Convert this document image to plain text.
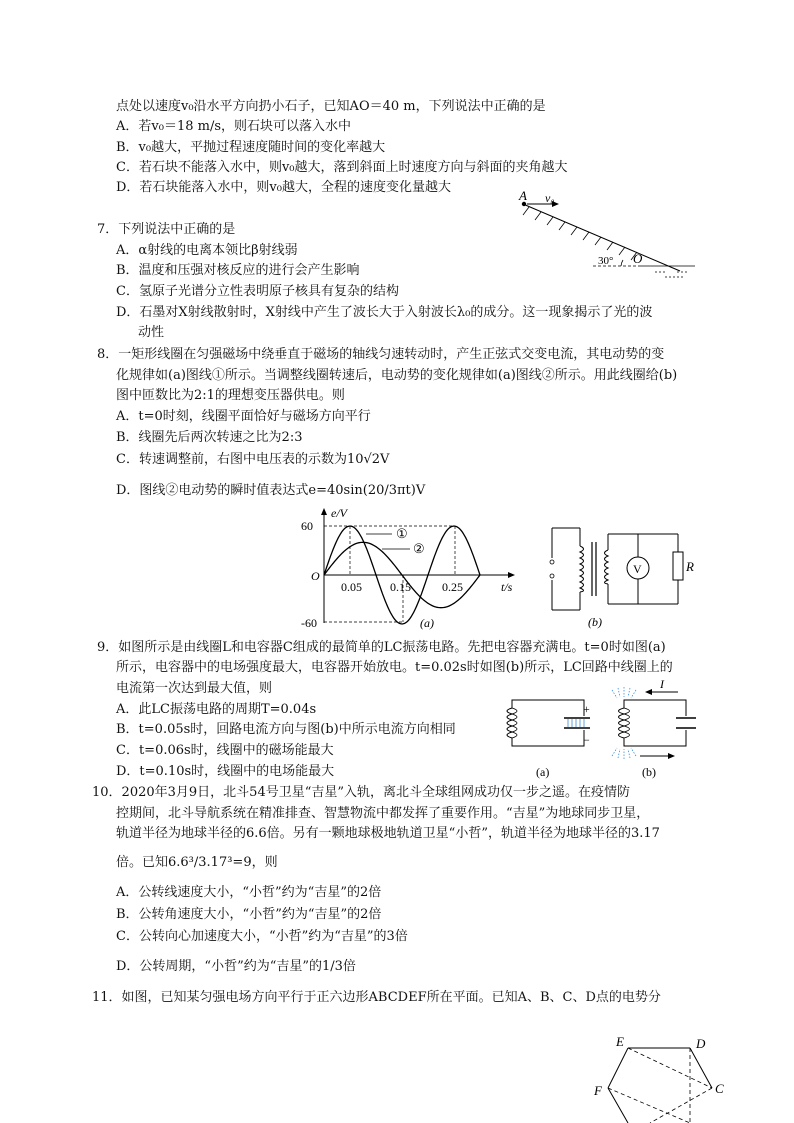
点处以速度v₀沿水平方向扔小石子，已知AO＝40 m，下列说法中正确的是
A．若v₀＝18 m/s，则石块可以落入水中
B．v₀越大，平抛过程速度随时间的变化率越大
C．若石块不能落入水中，则v₀越大，落到斜面上时速度方向与斜面的夹角越大
D．若石块能落入水中，则v₀越大，全程的速度变化量越大
A v₀
O
30°
7．下列说法中正确的是
A．α射线的电离本领比β射线弱
B．温度和压强对核反应的进行会产生影响
C．氢原子光谱分立性表明原子核具有复杂的结构
D．石墨对X射线散射时，X射线中产生了波长大于入射波长λ₀的成分。这一现象揭示了光的波
动性
8．一矩形线圈在匀强磁场中绕垂直于磁场的轴线匀速转动时，产生正弦式交变电流，其电动势的变
化规律如(a)图线①所示。当调整线圈转速后，电动势的变化规律如(a)图线②所示。用此线圈给(b)
图中匝数比为2:1的理想变压器供电。则
A．t=0时刻，线圈平面恰好与磁场方向平行
B．线圈先后两次转速之比为2:3
C．转速调整前，右图中电压表的示数为10√2V
D．图线②电动势的瞬时值表达式e=40sin(20/3πt)V
①
②
e/V
t/s
O
60
-60
0.05 0.15	0.25
(a)
V	R
(b)
9．如图所示是由线圈L和电容器C组成的最简单的LC振荡电路。先把电容器充满电。t=0时如图(a)
所示，电容器中的电场强度最大，电容器开始放电。t=0.02s时如图(b)所示，LC回路中线圈上的
电流第一次达到最大值，则
A．此LC振荡电路的周期T=0.04s
B．t=0.05s时，回路电流方向与图(b)中所示电流方向相同
C．t=0.06s时，线圈中的磁场能最大
D．t=0.10s时，线圈中的电场能最大
+
−
(a)
I
(b)
10．2020年3月9日，北斗54号卫星“吉星”入轨，离北斗全球组网成功仅一步之遥。在疫情防
控期间，北斗导航系统在精准排查、智慧物流中都发挥了重要作用。“吉星”为地球同步卫星，
轨道半径为地球半径的6.6倍。另有一颗地球极地轨道卫星“小哲”，轨道半径为地球半径的3.17
倍。已知6.6³/3.17³=9，则
A．公转线速度大小，“小哲”约为“吉星”的2倍
B．公转角速度大小，“小哲”约为“吉星”的2倍
C．公转向心加速度大小，“小哲”约为“吉星”的3倍
D．公转周期，“小哲”约为“吉星”的1/3倍
11．如图，已知某匀强电场方向平行于正六边形ABCDEF所在平面。已知A、B、C、D点的电势分
E	D
C
F
